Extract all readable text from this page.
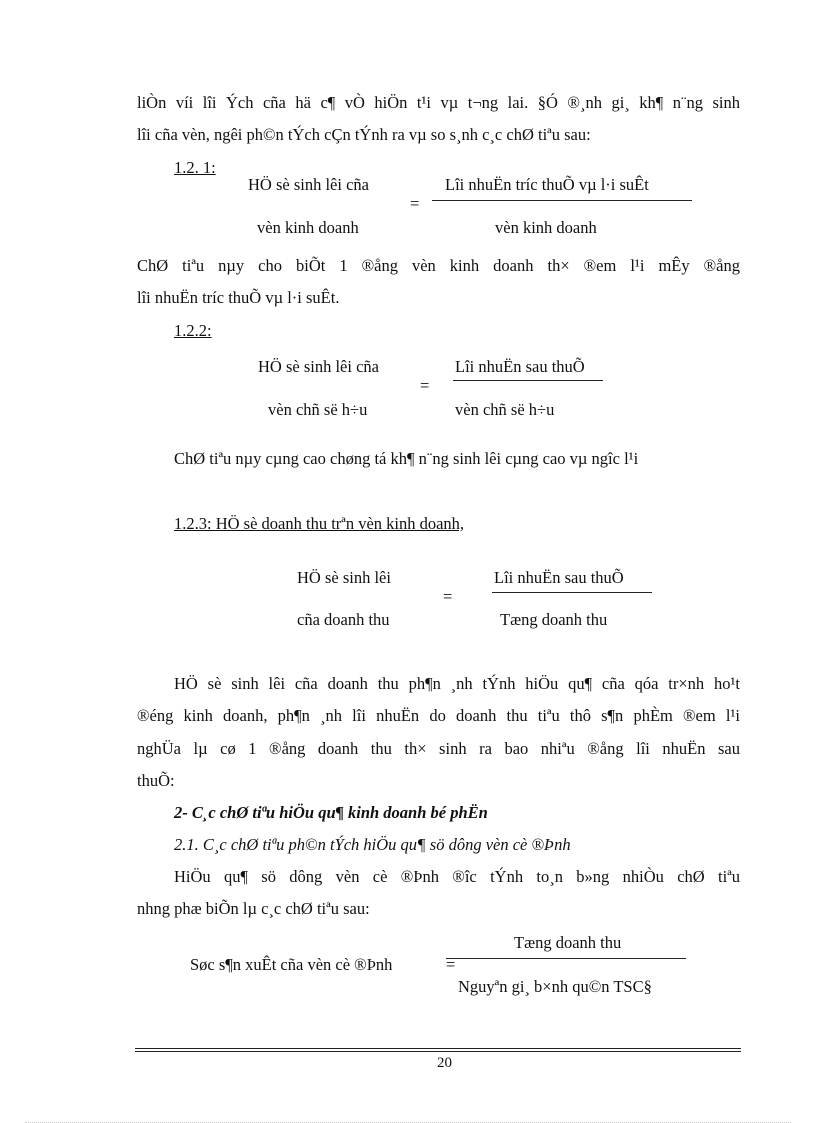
liÒn víi lîi Ých cña hä c¶ vÒ hiÖn t¹i vµ t¬ng lai. §Ó ®¸nh gi¸ kh¶ n¨ng sinh
lîi cña vèn, ngêi ph©n tÝch cÇn tÝnh ra vµ so s¸nh c¸c chØ tiªu sau:
1.2. 1:
HÖ sè sinh lêi cña	Lîi nhuËn tríc thuÕ vµ l·i suÊt
=
vèn kinh doanh	vèn kinh doanh
ChØ tiªu nµy cho biÕt 1 ®ång vèn kinh doanh th× ®em l¹i mÊy ®ång
lîi nhuËn tríc thuÕ vµ l·i suÊt.
1.2.2:
HÖ sè sinh lêi cña	Lîi nhuËn sau thuÕ
=
vèn chñ së h÷u	vèn chñ së h÷u
ChØ tiªu nµy cµng cao chøng tá kh¶ n¨ng sinh lêi cµng cao vµ ngîc l¹i
1.2.3: HÖ sè doanh thu trªn vèn kinh doanh,
HÖ sè sinh lêi	Lîi nhuËn sau thuÕ
=
cña doanh thu	Tæng doanh thu
HÖ sè sinh lêi cña doanh thu ph¶n ¸nh tÝnh hiÖu qu¶ cña qóa tr×nh ho¹t
®éng kinh doanh, ph¶n ¸nh lîi nhuËn do doanh thu tiªu thô s¶n phÈm ®em l¹i
nghÜa lµ cø 1 ®ång doanh thu th× sinh ra bao nhiªu ®ång lîi nhuËn sau
thuÕ:
2- C¸c chØ tiªu hiÖu qu¶ kinh doanh bé phËn
2.1. C¸c chØ tiªu ph©n tÝch hiÖu qu¶ sö dông vèn cè ®Þnh
HiÖu qu¶ sö dông vèn cè ®Þnh ®îc tÝnh to¸n b»ng nhiÒu chØ tiªu
nhng phæ biÕn lµ c¸c chØ tiªu sau:
Tæng doanh thu
Søc s¶n xuÊt cña vèn cè ®Þnh	=
Nguyªn gi¸ b×nh qu©n TSC§
20
